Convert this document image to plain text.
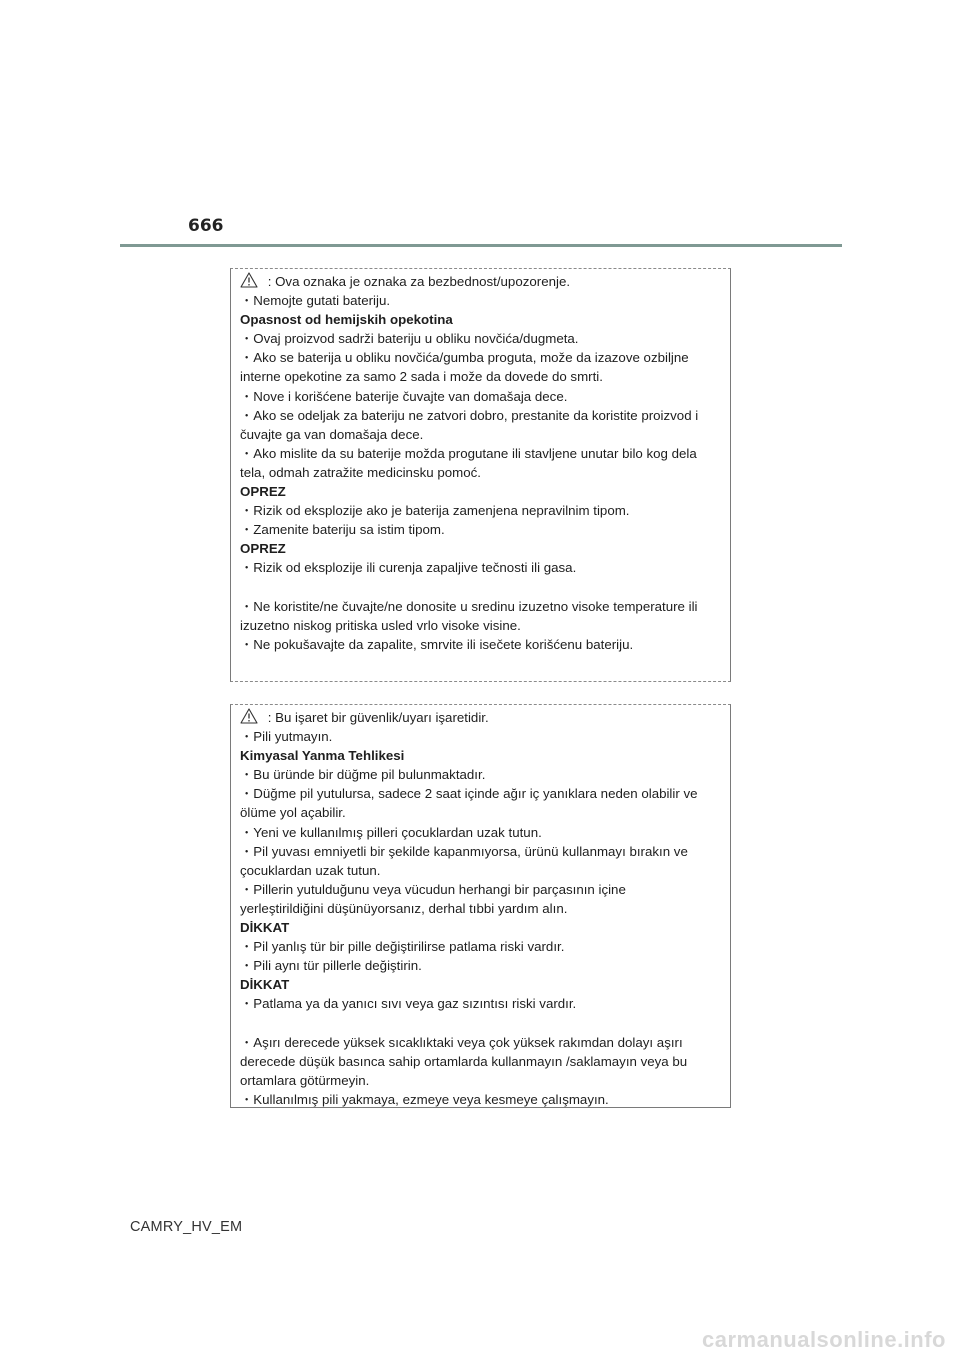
666
: Ova oznaka je oznaka za bezbednost/upozorenje.
・Nemojte gutati bateriju.
Opasnost od hemijskih opekotina
・Ovaj proizvod sadrži bateriju u obliku novčića/dugmeta.
・Ako se baterija u obliku novčića/gumba proguta, može da izazove ozbiljne
interne opekotine za samo 2 sada i može da dovede do smrti.
・Nove i korišćene baterije čuvajte van domašaja dece.
・Ako se odeljak za bateriju ne zatvori dobro, prestanite da koristite proizvod i
čuvajte ga van domašaja dece.
・Ako mislite da su baterije možda progutane ili stavljene unutar bilo kog dela
tela, odmah zatražite medicinsku pomoć.
OPREZ
・Rizik od eksplozije ako je baterija zamenjena nepravilnim tipom.
・Zamenite bateriju sa istim tipom.
OPREZ
・Rizik od eksplozije ili curenja zapaljive tečnosti ili gasa.
・Ne koristite/ne čuvajte/ne donosite u sredinu izuzetno visoke temperature ili
izuzetno niskog pritiska usled vrlo visoke visine.
・Ne pokušavajte da zapalite, smrvite ili isečete korišćenu bateriju.
: Bu işaret bir güvenlik/uyarı işaretidir.
・Pili yutmayın.
Kimyasal Yanma Tehlikesi
・Bu üründe bir düğme pil bulunmaktadır.
・Düğme pil yutulursa, sadece 2 saat içinde ağır iç yanıklara neden olabilir ve
ölüme yol açabilir.
・Yeni ve kullanılmış pilleri çocuklardan uzak tutun.
・Pil yuvası emniyetli bir şekilde kapanmıyorsa, ürünü kullanmayı bırakın ve
çocuklardan uzak tutun.
・Pillerin yutulduğunu veya vücudun herhangi bir parçasının içine
yerleştirildiğini düşünüyorsanız, derhal tıbbi yardım alın.
DİKKAT
・Pil yanlış tür bir pille değiştirilirse patlama riski vardır.
・Pili aynı tür pillerle değiştirin.
DİKKAT
・Patlama ya da yanıcı sıvı veya gaz sızıntısı riski vardır.
・Aşırı derecede yüksek sıcaklıktaki veya çok yüksek rakımdan dolayı aşırı
derecede düşük basınca sahip ortamlarda kullanmayın /saklamayın veya bu
ortamlara götürmeyin.
・Kullanılmış pili yakmaya, ezmeye veya kesmeye çalışmayın.
CAMRY_HV_EM
carmanualsonline.info
